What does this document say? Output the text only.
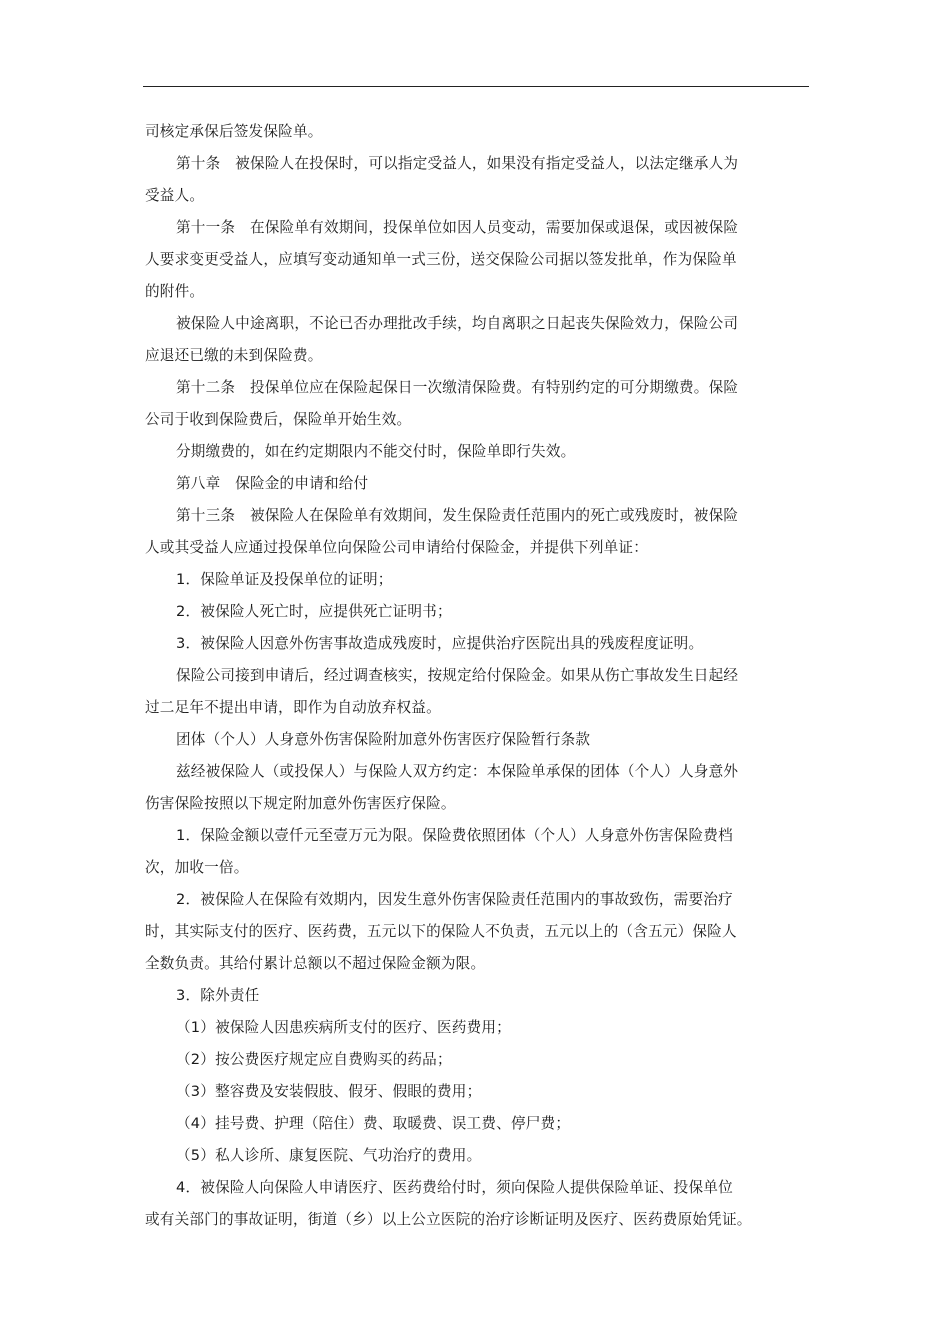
司核定承保后签发保险单。
第十条　被保险人在投保时，可以指定受益人，如果没有指定受益人，以法定继承人为
受益人。
第十一条　在保险单有效期间，投保单位如因人员变动，需要加保或退保，或因被保险
人要求变更受益人，应填写变动通知单一式三份，送交保险公司据以签发批单，作为保险单
的附件。
被保险人中途离职，不论已否办理批改手续，均自离职之日起丧失保险效力，保险公司
应退还已缴的未到保险费。
第十二条　投保单位应在保险起保日一次缴清保险费。有特别约定的可分期缴费。保险
公司于收到保险费后，保险单开始生效。
分期缴费的，如在约定期限内不能交付时，保险单即行失效。
第八章　保险金的申请和给付
第十三条　被保险人在保险单有效期间，发生保险责任范围内的死亡或残废时，被保险
人或其受益人应通过投保单位向保险公司申请给付保险金，并提供下列单证：
1．保险单证及投保单位的证明；
2．被保险人死亡时，应提供死亡证明书；
3．被保险人因意外伤害事故造成残废时，应提供治疗医院出具的残废程度证明。
保险公司接到申请后，经过调查核实，按规定给付保险金。如果从伤亡事故发生日起经
过二足年不提出申请，即作为自动放弃权益。
团体（个人）人身意外伤害保险附加意外伤害医疗保险暂行条款
兹经被保险人（或投保人）与保险人双方约定：本保险单承保的团体（个人）人身意外
伤害保险按照以下规定附加意外伤害医疗保险。
1．保险金额以壹仟元至壹万元为限。保险费依照团体（个人）人身意外伤害保险费档
次，加收一倍。
2．被保险人在保险有效期内，因发生意外伤害保险责任范围内的事故致伤，需要治疗
时，其实际支付的医疗、医药费，五元以下的保险人不负责，五元以上的（含五元）保险人
全数负责。其给付累计总额以不超过保险金额为限。
3．除外责任
（1）被保险人因患疾病所支付的医疗、医药费用；
（2）按公费医疗规定应自费购买的药品；
（3）整容费及安装假肢、假牙、假眼的费用；
（4）挂号费、护理（陪住）费、取暖费、误工费、停尸费；
（5）私人诊所、康复医院、气功治疗的费用。
4．被保险人向保险人申请医疗、医药费给付时，须向保险人提供保险单证、投保单位
或有关部门的事故证明，街道（乡）以上公立医院的治疗诊断证明及医疗、医药费原始凭证。
